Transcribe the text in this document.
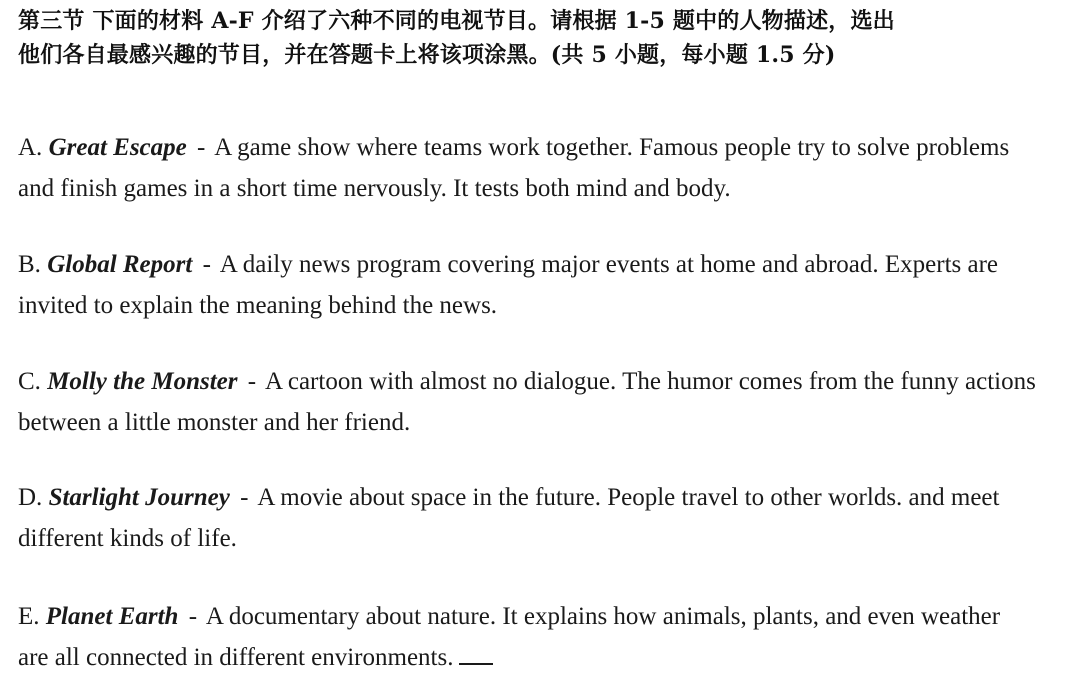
第三节 下面的材料 A-F 介绍了六种不同的电视节目。请根据 1-5 题中的人物描述，选出
他们各自最感兴趣的节目，并在答题卡上将该项涂黑。(共 5 小题，每小题 1.5 分)
A. Great Escape - A game show where teams work together. Famous people try to solve problems
and finish games in a short time nervously. It tests both mind and body.
B. Global Report - A daily news program covering major events at home and abroad. Experts are
invited to explain the meaning behind the news.
C. Molly the Monster - A cartoon with almost no dialogue. The humor comes from the funny actions
between a little monster and her friend.
D. Starlight Journey - A movie about space in the future. People travel to other worlds. and meet
different kinds of life.
E. Planet Earth - A documentary about nature. It explains how animals, plants, and even weather
are all connected in different environments.
